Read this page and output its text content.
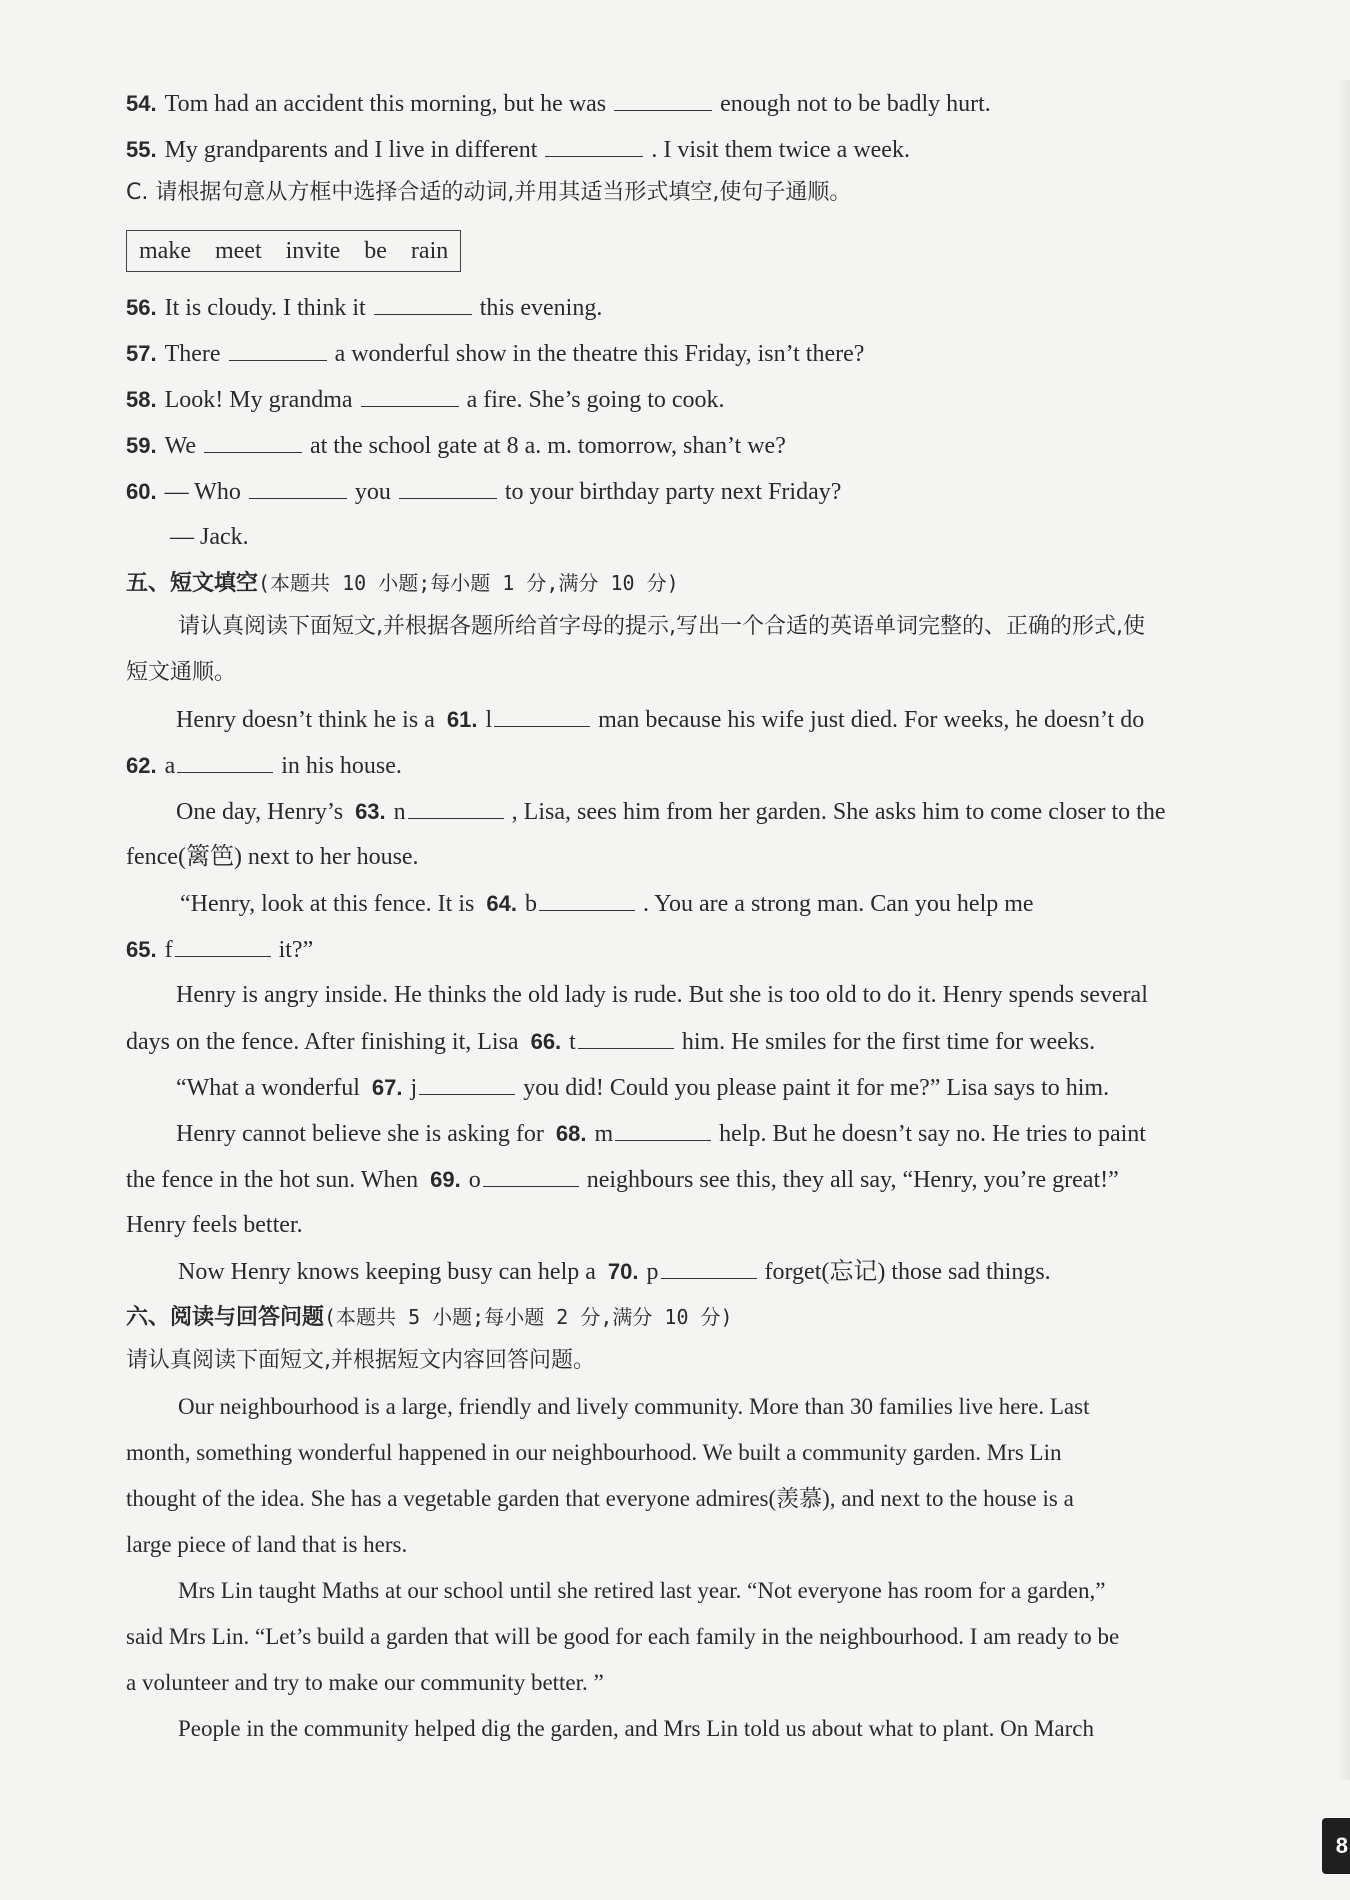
54. Tom had an accident this morning, but he was	enough not to be badly hurt.
55. My grandparents and I live in different	. I visit them twice a week.
C. 请根据句意从方框中选择合适的动词,并用其适当形式填空,使句子通顺。
make meet invite be rain
56. It is cloudy. I think it	this evening.
57. There	a wonderful show in the theatre this Friday, isn’t there?
58. Look! My grandma	a fire. She’s going to cook.
59. We	at the school gate at 8 a. m. tomorrow, shan’t we?
60. — Who	you	to your birthday party next Friday?
— Jack.
五、短文填空(本题共 10 小题;每小题 1 分,满分 10 分)
请认真阅读下面短文,并根据各题所给首字母的提示,写出一个合适的英语单词完整的、正确的形式,使
短文通顺。
Henry doesn’t think he is a 61. l	man because his wife just died. For weeks, he doesn’t do
62. a	in his house.
One day, Henry’s 63. n	, Lisa, sees him from her garden. She asks him to come closer to the
fence(篱笆) next to her house.
“Henry, look at this fence. It is 64. b	. You are a strong man. Can you help me
65. f	it?”
Henry is angry inside. He thinks the old lady is rude. But she is too old to do it. Henry spends several
days on the fence. After finishing it, Lisa 66. t	him. He smiles for the first time for weeks.
“What a wonderful 67. j	you did! Could you please paint it for me?” Lisa says to him.
Henry cannot believe she is asking for 68. m	help. But he doesn’t say no. He tries to paint
the fence in the hot sun. When 69. o	neighbours see this, they all say, “Henry, you’re great!”
Henry feels better.
Now Henry knows keeping busy can help a 70. p	forget(忘记) those sad things.
六、阅读与回答问题(本题共 5 小题;每小题 2 分,满分 10 分)
请认真阅读下面短文,并根据短文内容回答问题。
Our neighbourhood is a large, friendly and lively community. More than 30 families live here. Last
month, something wonderful happened in our neighbourhood. We built a community garden. Mrs Lin
thought of the idea. She has a vegetable garden that everyone admires(羡慕), and next to the house is a
large piece of land that is hers.
Mrs Lin taught Maths at our school until she retired last year. “Not everyone has room for a garden,”
said Mrs Lin. “Let’s build a garden that will be good for each family in the neighbourhood. I am ready to be
a volunteer and try to make our community better. ”
People in the community helped dig the garden, and Mrs Lin told us about what to plant. On March
8
